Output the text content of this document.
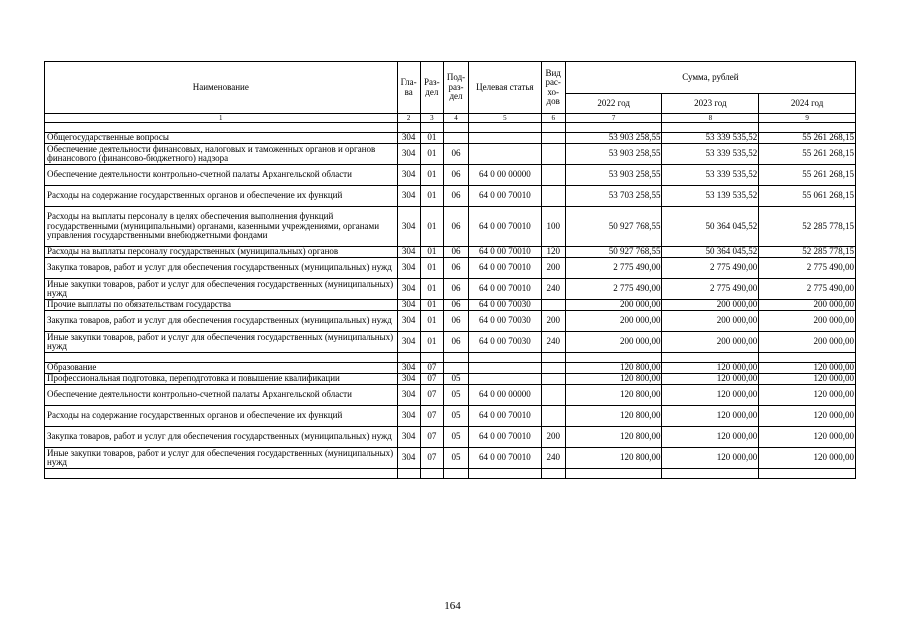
Наименование	Гла-ва	Раз-дел	Под-раз-дел	Целевая статья	Вид рас-хо-дов	Сумма, рублей		
						2022 год	2023 год	2024 год
1	2	3	4	5	6	7	8	9

Общегосударственные вопросы	304	01				53 903 258,55	53 339 535,52	55 261 268,15
Обеспечение деятельности финансовых, налоговых и таможенных органов и органов финансового (финансово-бюджетного) надзора	304	01	06			53 903 258,55	53 339 535,52	55 261 268,15
Обеспечение деятельности контрольно-счетной палаты Архангельской области	304	01	06	64 0 00 00000		53 903 258,55	53 339 535,52	55 261 268,15
Расходы на содержание государственных органов и обеспечение их функций	304	01	06	64 0 00 70010		53 703 258,55	53 139 535,52	55 061 268,15
Расходы на выплаты персоналу в целях обеспечения выполнения функций государственными (муниципальными) органами, казенными учреждениями, органами управления государственными внебюджетными фондами	304	01	06	64 0 00 70010	100	50 927 768,55	50 364 045,52	52 285 778,15
Расходы на выплаты персоналу государственных (муниципальных) органов	304	01	06	64 0 00 70010	120	50 927 768,55	50 364 045,52	52 285 778,15
Закупка товаров, работ и услуг для обеспечения государственных (муниципальных) нужд	304	01	06	64 0 00 70010	200	2 775 490,00	2 775 490,00	2 775 490,00
Иные закупки товаров, работ и услуг для обеспечения государственных (муниципальных) нужд	304	01	06	64 0 00 70010	240	2 775 490,00	2 775 490,00	2 775 490,00
Прочие выплаты по обязательствам государства	304	01	06	64 0 00 70030		200 000,00	200 000,00	200 000,00
Закупка товаров, работ и услуг для обеспечения государственных (муниципальных) нужд	304	01	06	64 0 00 70030	200	200 000,00	200 000,00	200 000,00
Иные закупки товаров, работ и услуг для обеспечения государственных (муниципальных) нужд	304	01	06	64 0 00 70030	240	200 000,00	200 000,00	200 000,00

Образование	304	07				120 800,00	120 000,00	120 000,00
Профессиональная подготовка, переподготовка и повышение квалификации	304	07	05			120 800,00	120 000,00	120 000,00
Обеспечение деятельности контрольно-счетной палаты Архангельской области	304	07	05	64 0 00 00000		120 800,00	120 000,00	120 000,00
Расходы на содержание государственных органов и обеспечение их функций	304	07	05	64 0 00 70010		120 800,00	120 000,00	120 000,00
Закупка товаров, работ и услуг для обеспечения государственных (муниципальных) нужд	304	07	05	64 0 00 70010	200	120 800,00	120 000,00	120 000,00
Иные закупки товаров, работ и услуг для обеспечения государственных (муниципальных) нужд	304	07	05	64 0 00 70010	240	120 800,00	120 000,00	120 000,00

164
